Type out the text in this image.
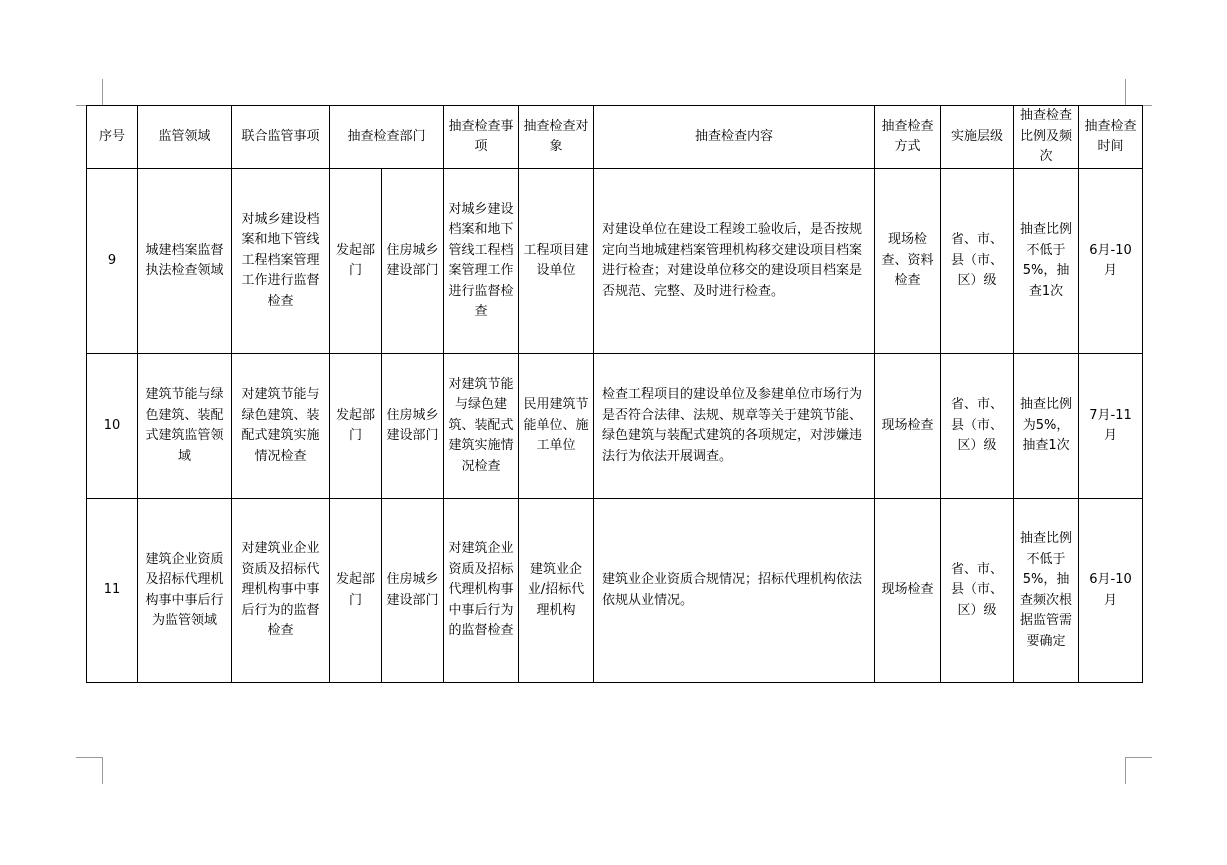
序号	监管领域	联合监管事项	抽查检查部门		抽查检查事项	抽查检查对象	抽查检查内容	抽查检查方式	实施层级	抽查检查比例及频次	抽查检查时间
9	城建档案监督执法检查领域	对城乡建设档案和地下管线工程档案管理工作进行监督检查	发起部门	住房城乡建设部门	对城乡建设档案和地下管线工程档案管理工作进行监督检查	工程项目建设单位	对建设单位在建设工程竣工验收后，是否按规定向当地城建档案管理机构移交建设项目档案进行检查；对建设单位移交的建设项目档案是否规范、完整、及时进行检查。	现场检查、资料检查	省、市、县（市、区）级	抽查比例不低于5%，抽查1次	6月-10月
10	建筑节能与绿色建筑、装配式建筑监管领域	对建筑节能与绿色建筑、装配式建筑实施情况检查	发起部门	住房城乡建设部门	对建筑节能与绿色建筑、装配式建筑实施情况检查	民用建筑节能单位、施工单位	检查工程项目的建设单位及参建单位市场行为是否符合法律、法规、规章等关于建筑节能、绿色建筑与装配式建筑的各项规定，对涉嫌违法行为依法开展调查。	现场检查	省、市、县（市、区）级	抽查比例为5%，抽查1次	7月-11月
11	建筑企业资质及招标代理机构事中事后行为监管领域	对建筑业企业资质及招标代理机构事中事后行为的监督检查	发起部门	住房城乡建设部门	对建筑企业资质及招标代理机构事中事后行为的监督检查	建筑业企业/招标代理机构	建筑业企业资质合规情况；招标代理机构依法依规从业情况。	现场检查	省、市、县（市、区）级	抽查比例不低于5%，抽查频次根据监管需要确定	6月-10月
